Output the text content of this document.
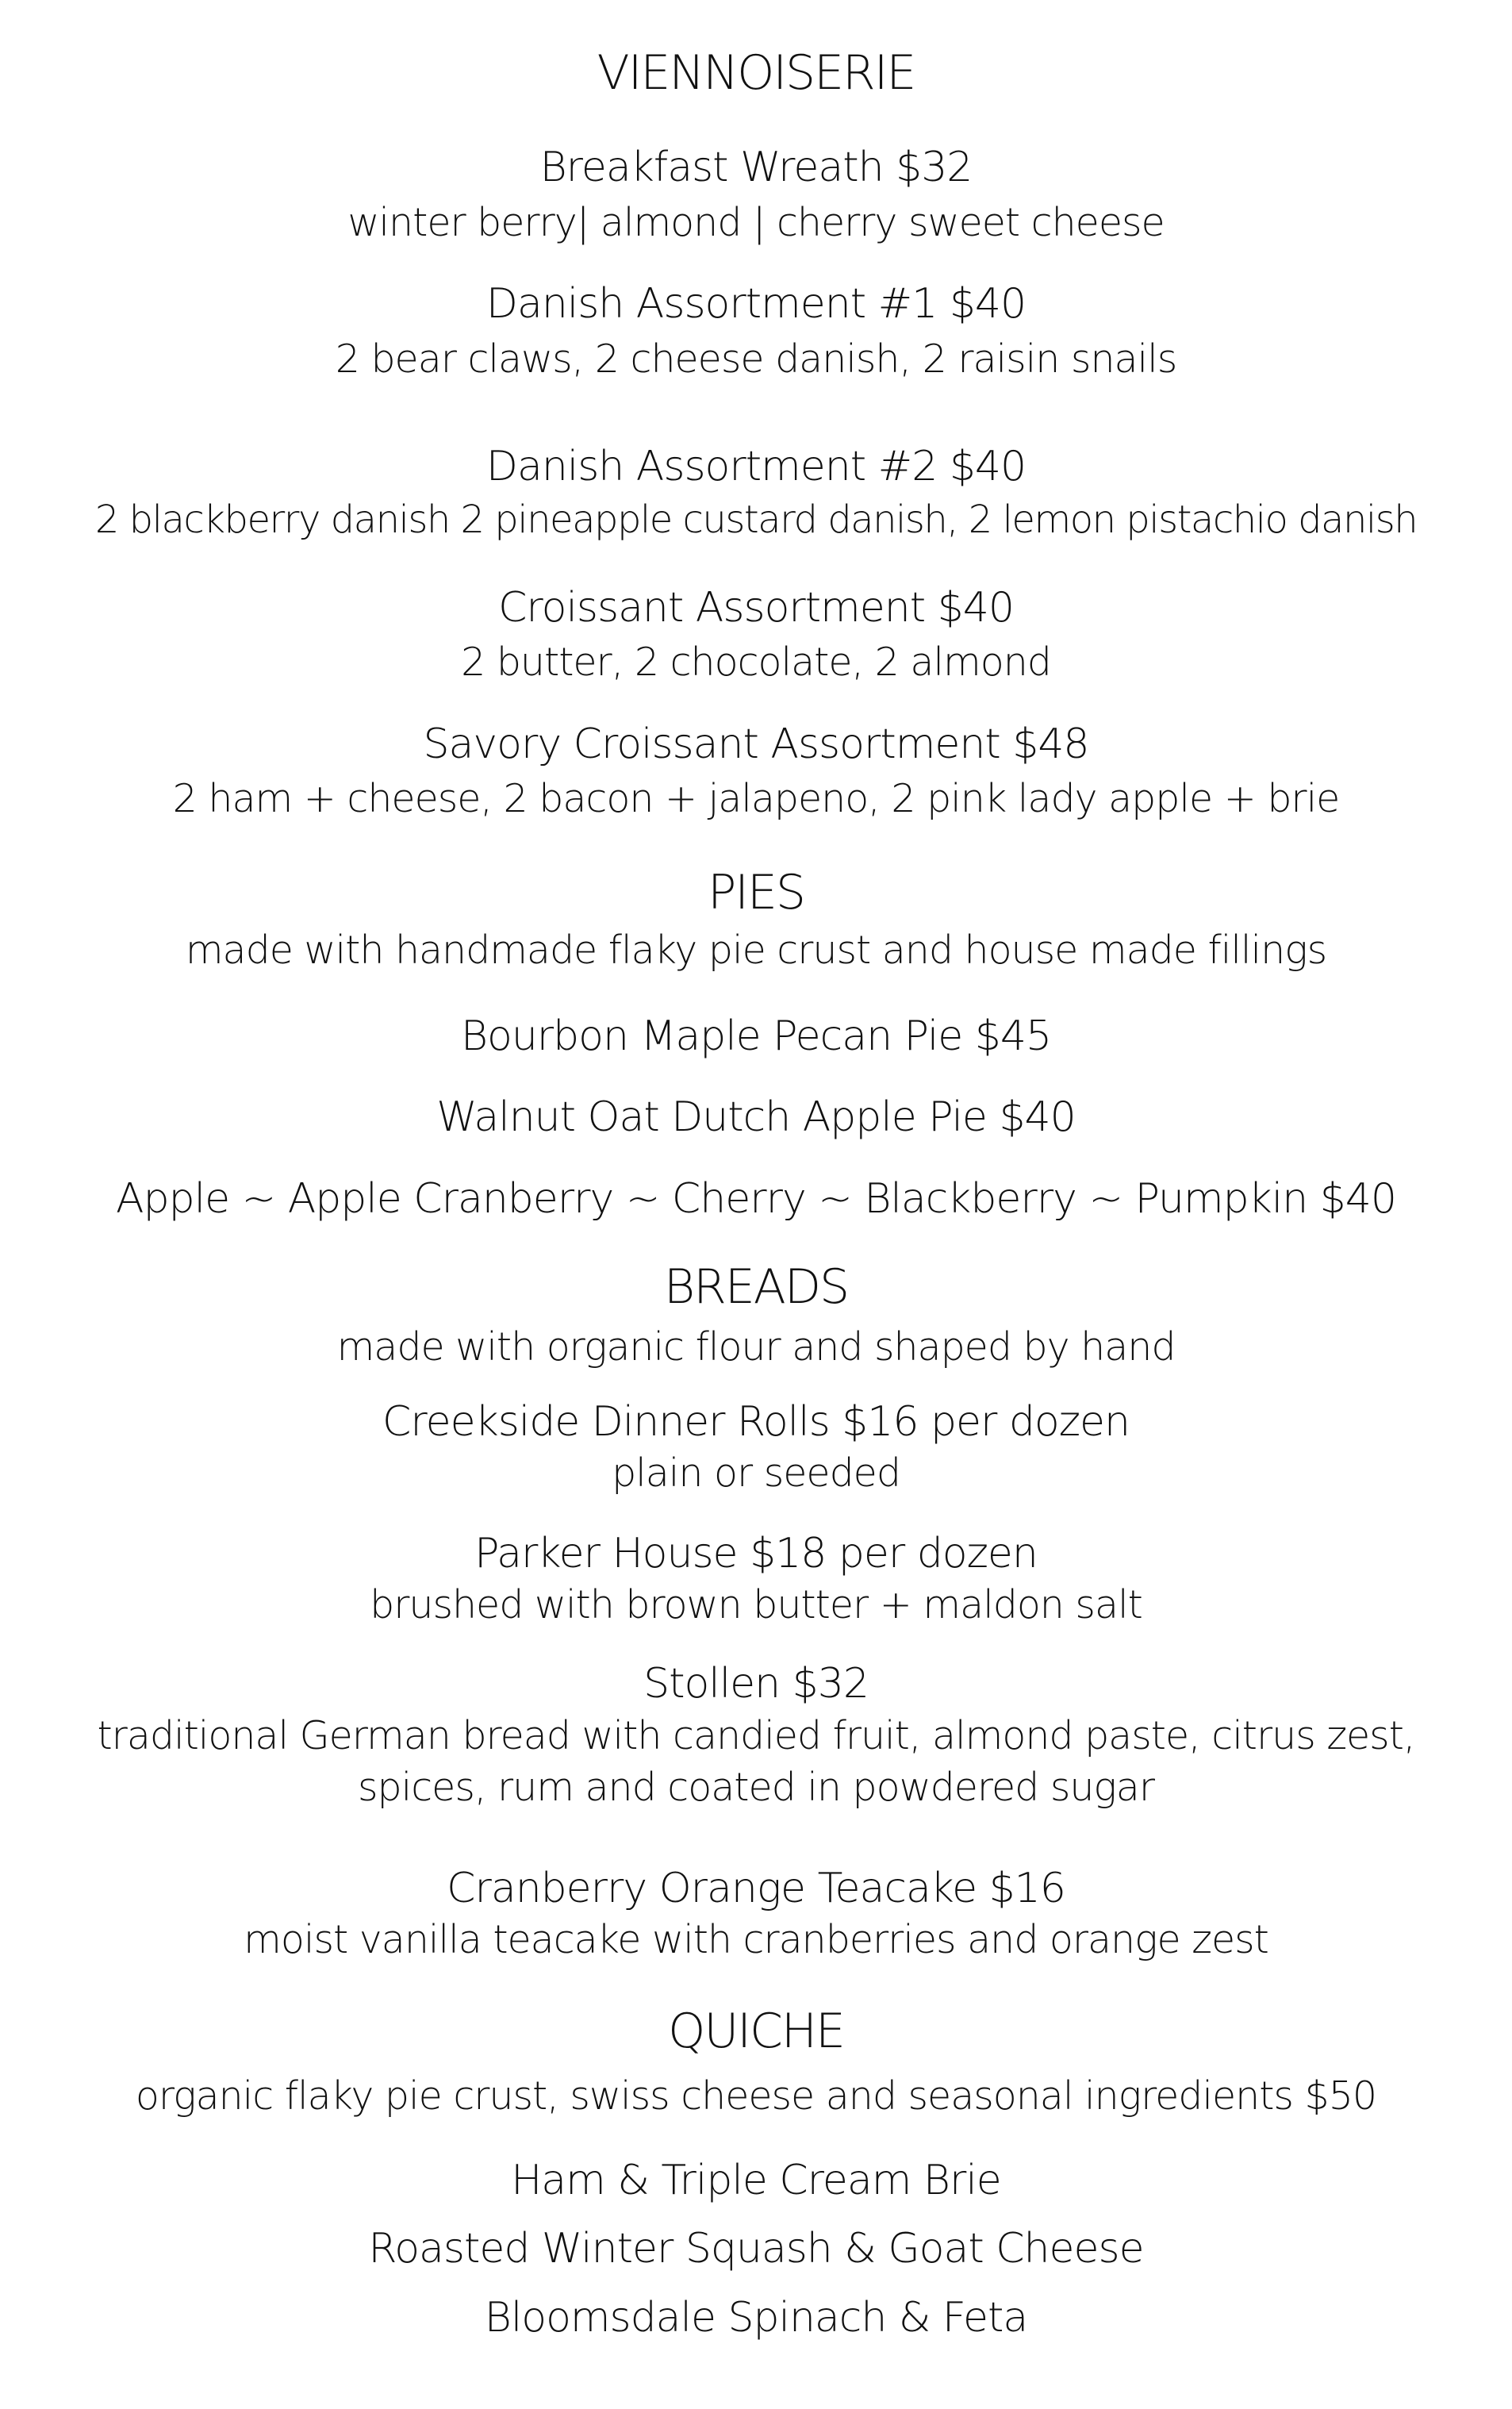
VIENNOISERIE
Breakfast Wreath $32
winter berry| almond | cherry sweet cheese
Danish Assortment #1 $40
2 bear claws, 2 cheese danish, 2 raisin snails
Danish Assortment #2 $40
2 blackberry danish 2 pineapple custard danish, 2 lemon pistachio danish
Croissant Assortment $40
2 butter, 2 chocolate, 2 almond
Savory Croissant Assortment $48
2 ham + cheese, 2 bacon + jalapeno, 2 pink lady apple + brie
PIES
made with handmade flaky pie crust and house made fillings
Bourbon Maple Pecan Pie $45
Walnut Oat Dutch Apple Pie $40
Apple ~ Apple Cranberry ~ Cherry ~ Blackberry ~ Pumpkin $40
BREADS
made with organic flour and shaped by hand
Creekside Dinner Rolls $16 per dozen
plain or seeded
Parker House $18 per dozen
brushed with brown butter + maldon salt
Stollen $32
traditional German bread with candied fruit, almond paste, citrus zest,
spices, rum and coated in powdered sugar
Cranberry Orange Teacake $16
moist vanilla teacake with cranberries and orange zest
QUICHE
organic flaky pie crust, swiss cheese and seasonal ingredients $50
Ham & Triple Cream Brie
Roasted Winter Squash & Goat Cheese
Bloomsdale Spinach & Feta
